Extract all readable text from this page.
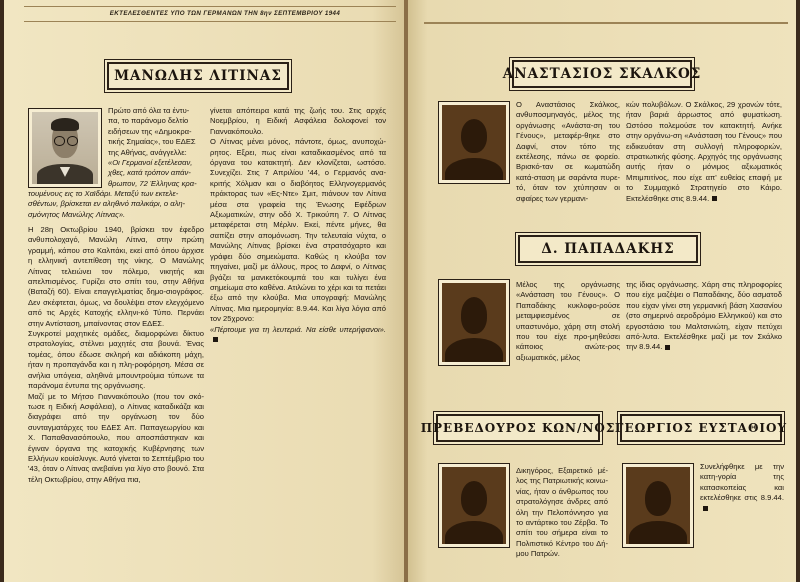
ΕΚΤΕΛΕΣΘΕΝΤΕΣ ΥΠΟ ΤΩΝ ΓΕΡΜΑΝΩΝ ΤΗΝ 8ην ΣΕΠΤΕΜΒΡΙΟΥ 1944
ΜΑΝΩΛΗΣ ΛΙΤΙΝΑΣ

Πρώτο από όλα τα έντυ-

πα, το παράνομο δελτίο

ειδήσεων της «Δημοκρα-

τικής Σημαίας», του ΕΔΕΣ

της Αθήνας, ανάγγελλε:

«Οι Γερμανοί εξετέλεσαν,

χθες, κατά τρόπον απάν-

θρωπον, 72 Έλληνας κρα-

τουμένους εις το Χαϊδάρι. Μεταξύ των εκτελε-

σθέντων, βρίσκεται εν αληθινό παλικάρι, ο αλη-

σμόνητος Μανώλης Λίτινας».

Η 28η Οκτωβρίου 1940, βρίσκει τον έφεδρο ανθυπολοχαγό, Μανώλη Λίτινα, στην πρώτη γραμμή, κάπου στο Καλπάκι, εκεί από όπου άρχισε η ελληνική αντεπίθεση της νίκης. Ο Μανώλης Λίτινας τελειώνει τον πόλεμο, νικητής και απελπισμένος. Γυρίζει στο σπίτι του, στην Αθήνα (Βαταζή 60). Είναι επαγγελματίας δημο-σιογράφος. Δεν σκέφτεται, όμως, να δουλέψει στον ελεγχόμενο από τις Αρχές Κατοχής ελληνι-κό Τύπο. Περνάει στην Αντίσταση, μπαίνοντας στον ΕΔΕΣ.

Συγκροτεί μαχητικές ομάδες, διαμορφώνει δίκτυο στρατολογίας, στέλνει μαχητές στα βουνά. Ένας τομέας, όπου έδωσε σκληρή και αδιάκοπη μάχη, ήταν η προπαγάνδα και η πλη-ροφόρηση. Μέσα σε ανήλια υπόγεια, αληθινά μπουντρούμια τύπωνε τα παράνομα έντυπα της οργάνωσης.

Μαζί με το Μήτσο Γιαννακόπουλο (που τον σκό-τωσε η Ειδική Ασφάλεια), ο Λίτινας καταδικάζα και διαγράφει από την οργάνωση τον δύο συνταγματάρχες του ΕΔΕΣ Απ. Παπαγεωργίου και Χ. Παπαθανασόπουλο, που αποσπάστηκαν και έγιναν όργανα της κατοχικής Κυβέρνησης των Ελλήνων κουίσλινγκ. Αυτό γίνεται το Σεπτέμβριο του '43, όταν ο Λίτινας ανεβαίνει για λίγο στο βουνό. Στα τέλη Οκτωβρίου, στην Αθήνα πια,

γίνεται απόπειρα κατά της ζωής του. Στις αρχές Νοεμβρίου, η Ειδική Ασφάλεια δολοφονεί τον Γιαννακόπουλο.

Ο Λίτινας μένει μόνος, πάντοτε, όμως, ανυποχώ-ρητος. Εξρει, πως είναι καταδικασμένος από τα όργανα του κατακτητή. Δεν κλονίζεται, ωστόσο. Συνεχίζει. Στις 7 Απριλίου '44, ο Γερμανός ανα-κριτής Χόλμαν και ο διαβόητος Ελληνογερμανός πράκτορας των «Ες-Ντε» Σμιτ, πιάνουν τον Λίτινα μέσα στα γραφεία της Ένωσης Εφέδρων Αξιωματικών, στην οδό Χ. Τρικούπη 7. Ο Λίτινας μεταφέρεται στη Μέρλιν. Εκεί, πέντε μήνες, θα σαπίζει στην απομόνωση. Την τελευταία νύχτα, ο Μανώλης Λίτινας βρίσκει ένα στρατσόχαρτο και γράφει δύο σημειώματα. Καθώς η κλούβα τον πηγαίνει, μαζί με άλλους, προς το Δαφνί, ο Λίτινας βγάζει τα μανικετόκουμπά του και τυλίγει ένα σημείωμα στο καθένα. Ατιλώνει το χέρι και τα πετάει έξω από την κλούβα. Μια υπογραφή: Μανώλης Λίτινας. Μια ημερομηνία: 8.9.44. Και λίγα λόγια από τον 25χρονο:

«Πέρτουμε για τη λευτεριά. Να είσθε υπερήφανοι».

ΑΝΑΣΤΑΣΙΟΣ ΣΚΑΛΚΟΣ

Ο Αναστάσιος Σκάλκος, ανθυποσμηναγός, μέλος της οργάνωσης «Ανάστα-ση του Γένους», μεταφέρ-θηκε στο Δαφνί, στον τόπο της εκτέλεσης, πάνω σε φορείο. Βρισκό-ταν σε κωματώδη κατά-σταση με σαράντα πυρε-τό, όταν τον χτύπησαν οι σφαίρες των γερμανι-

κών πολυβόλων. Ο Σκάλκος, 29 χρονών τότε, ήταν βαριά άρρωστος από φυματίωση. Ωστόσο πολεμούσε τον κατακτητή. Ανήκε στην οργάνω-ση «Ανάσταση του Γένους» που ειδικευόταν στη συλλογή πληροφοριών, στρατιωτικής φύσης. Αρχηγός της οργάνωσης αυτής ήταν ο μόνιμος αξιωματικός Μπιμπιτίνος, που είχε απ' ευθείας επαφή με το Συμμαχικό Στρατηγείο στο Κάιρο. Εκτελέσθηκε στις 8.9.44.

Δ. ΠΑΠΑΔΑΚΗΣ

Μέλος της οργάνωσης «Ανάσταση του Γένους». Ο Παπαδάκης κυκλοφο-ρούσε μεταμφιεσμένος σε υπαστυνόμο, χάρη στη στολή που του είχε προ-μηθεύσει κάποιος ανώτε-ρος αξιωματικός, μέλος

της ίδιας οργάνωσης. Χάρη στις πληροφορίες που είχε μαζέψει ο Παπαδάκης, δύο ασματοδ που είχαν γίνει στη γερμανική βάση Χασανίου (στο σημερινό αεροδρόμιο Ελληνικού) και στο εργοστάσιο του Μαλτσινιώτη, είχαν πετύχει από-λυτα. Εκτελέσθηκε μαζί με τον Σκάλκο την 8.9.44.

ΠΡΕΒΕΔΟΥΡΟΣ ΚΩΝ/ΝΟΣ

Δικηγόρος, Εξαιρετικό μέ-λος της Πατριωτικής κοινω-νίας, ήταν ο άνθρωπος του στρατολόγησε άνδρες από όλη την Πελοπόννησο για το αντάρτικο του Ζέρβα. Το σπίτι του σήμερα είναι το Πολιτιστικό Κέντρο του Δή-μου Πατρών.

ΓΕΩΡΓΙΟΣ ΕΥΣΤΑΘΙΟΥ

Συνελήφθηκε με την κατη-γορία της κατασκοπείας και εκτελέσθηκε στις 8.9.44.
